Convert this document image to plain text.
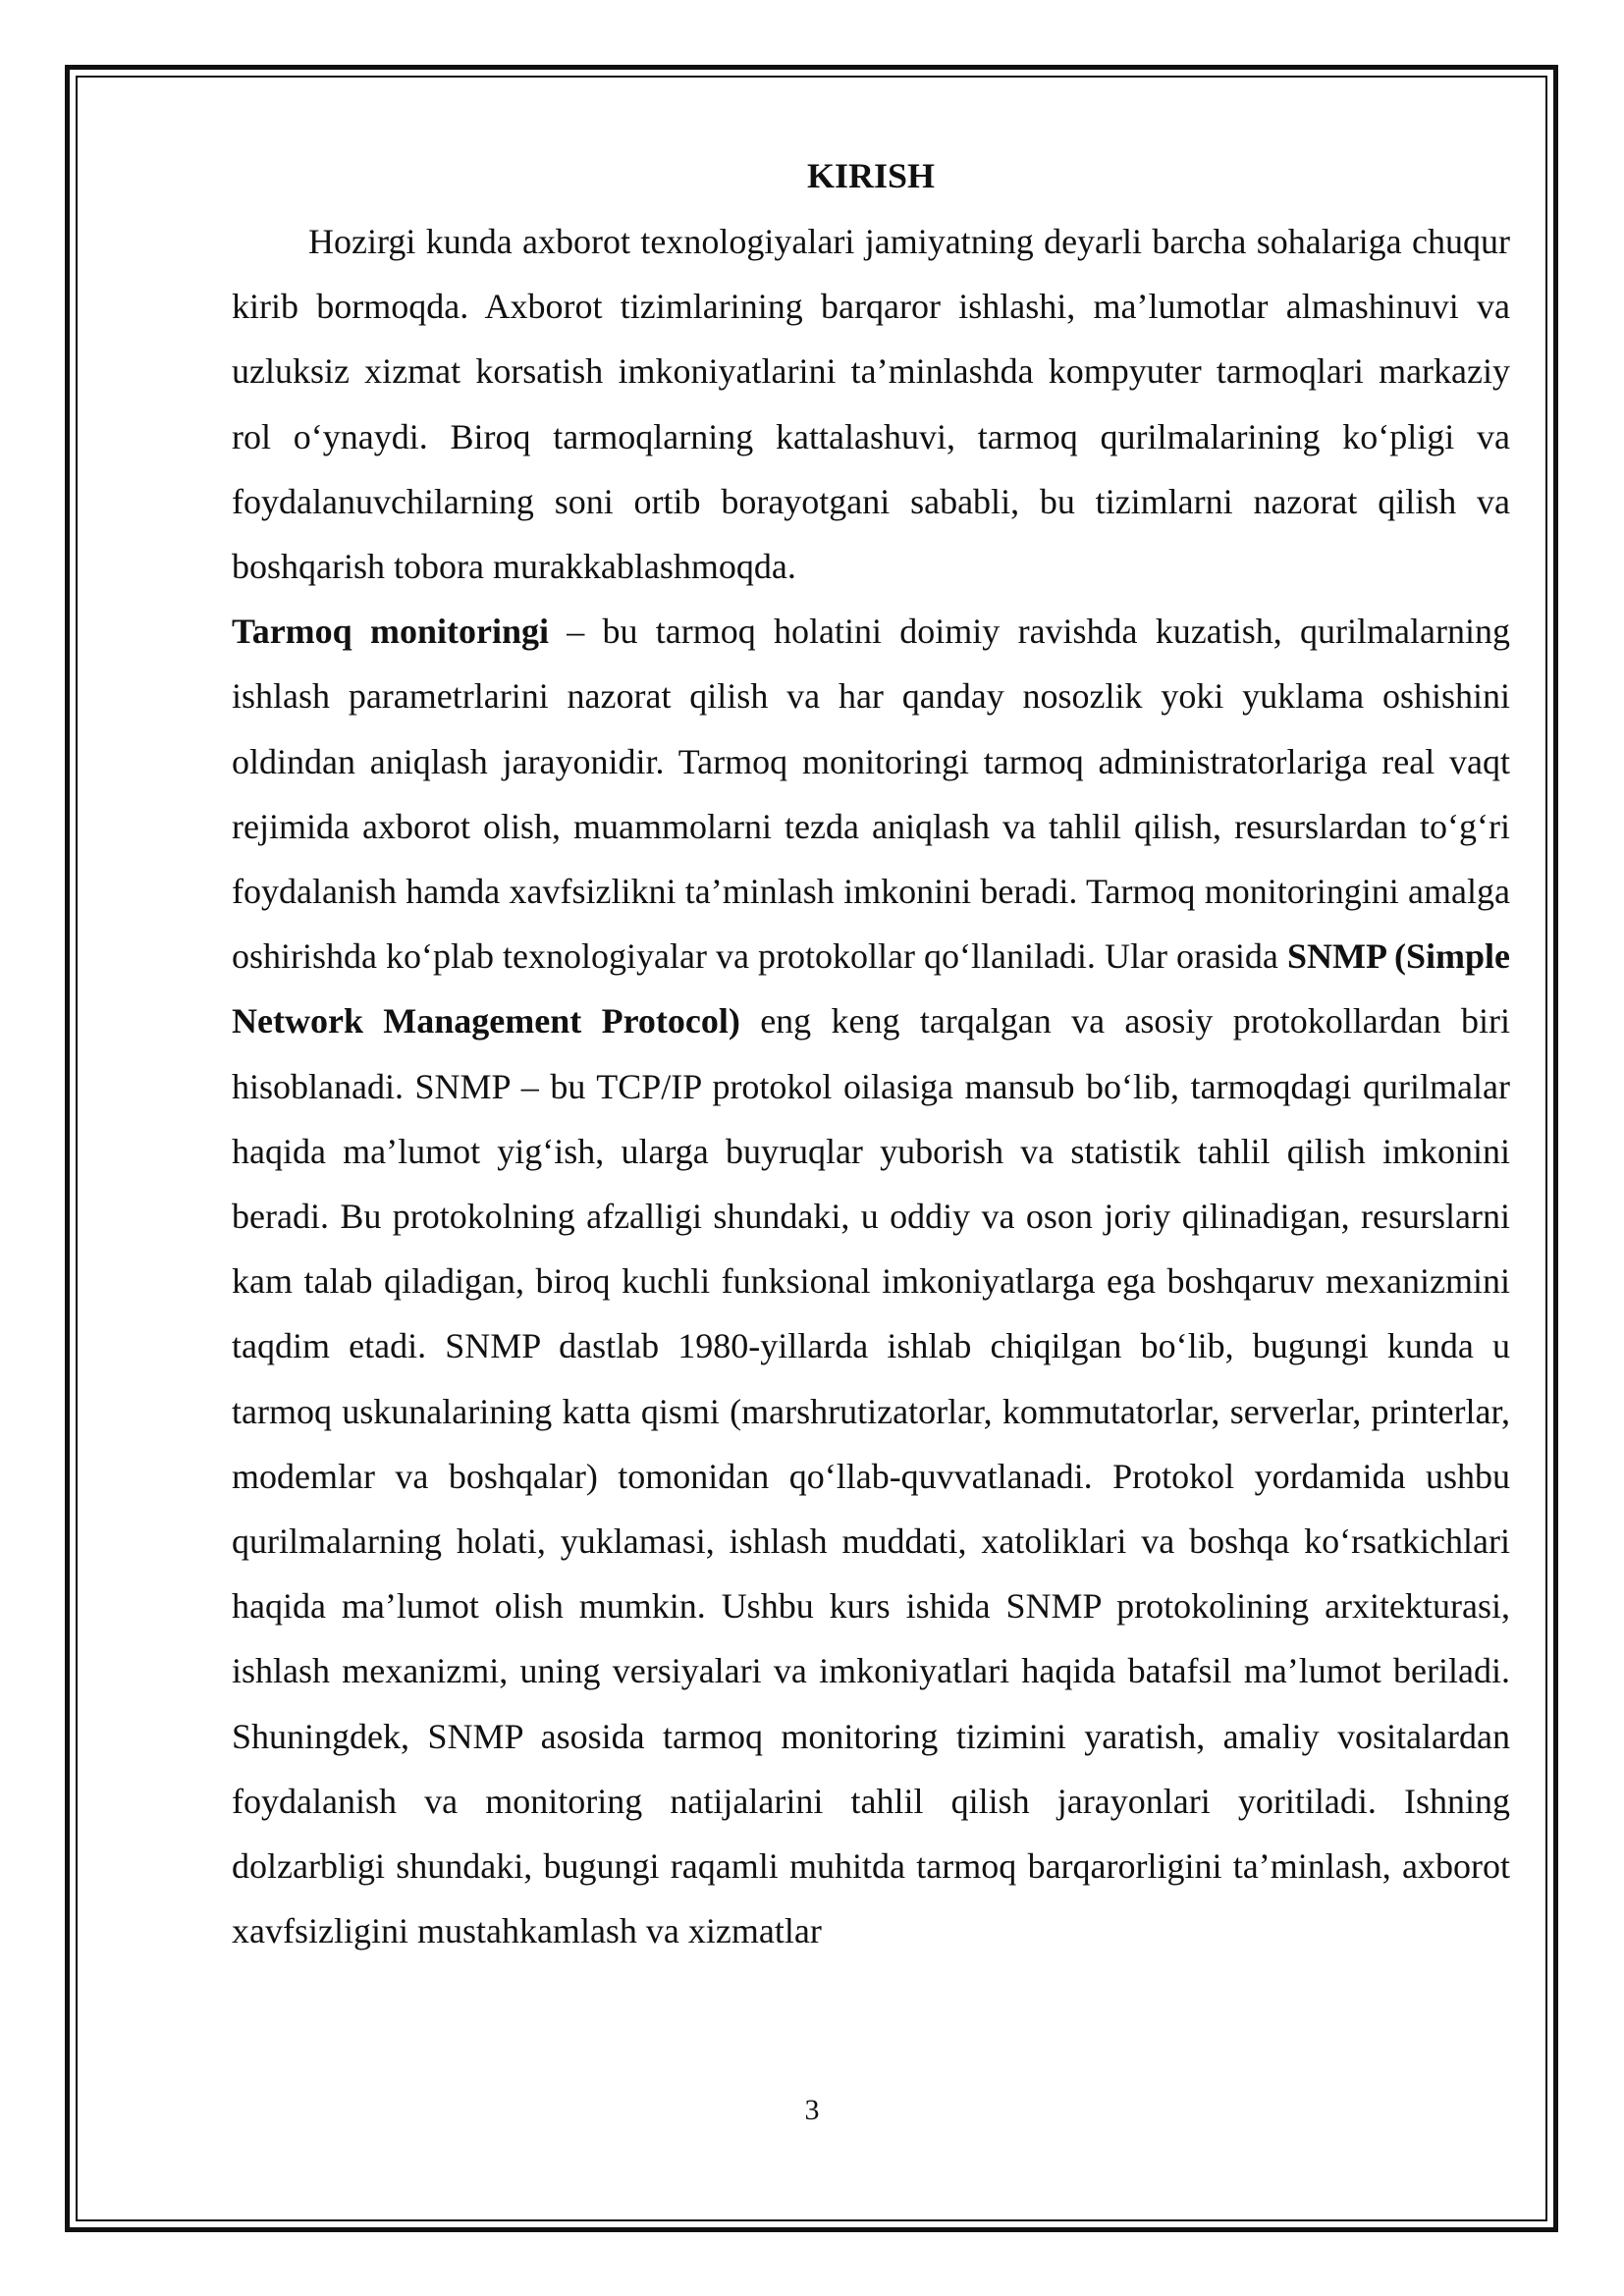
KIRISH

Hozirgi kunda axborot texnologiyalari jamiyatning deyarli barcha sohalariga chuqur kirib bormoqda. Axborot tizimlarining barqaror ishlashi, ma’lumotlar almashinuvi va uzluksiz xizmat korsatish imkoniyatlarini ta’minlashda kompyuter tarmoqlari markaziy rol o‘ynaydi. Biroq tarmoqlarning kattalashuvi, tarmoq qurilmalarining ko‘pligi va foydalanuvchilarning soni ortib borayotgani sababli, bu tizimlarni nazorat qilish va boshqarish tobora murakkablashmoqda.
Tarmoq monitoringi – bu tarmoq holatini doimiy ravishda kuzatish, qurilmalarning ishlash parametrlarini nazorat qilish va har qanday nosozlik yoki yuklama oshishini oldindan aniqlash jarayonidir. Tarmoq monitoringi tarmoq administratorlariga real vaqt rejimida axborot olish, muammolarni tezda aniqlash va tahlil qilish, resurslardan to‘g‘ri foydalanish hamda xavfsizlikni ta’minlash imkonini beradi. Tarmoq monitoringini amalga oshirishda ko‘plab texnologiyalar va protokollar qo‘llaniladi. Ular orasida SNMP (Simple Network Management Protocol) eng keng tarqalgan va asosiy protokollardan biri hisoblanadi. SNMP – bu TCP/IP protokol oilasiga mansub bo‘lib, tarmoqdagi qurilmalar haqida ma’lumot yig‘ish, ularga buyruqlar yuborish va statistik tahlil qilish imkonini beradi. Bu protokolning afzalligi shundaki, u oddiy va oson joriy qilinadigan, resurslarni kam talab qiladigan, biroq kuchli funksional imkoniyatlarga ega boshqaruv mexanizmini taqdim etadi. SNMP dastlab 1980-yillarda ishlab chiqilgan bo‘lib, bugungi kunda u tarmoq uskunalarining katta qismi (marshrutizatorlar, kommutatorlar, serverlar, printerlar, modemlar va boshqalar) tomonidan qo‘llab-quvvatlanadi. Protokol yordamida ushbu qurilmalarning holati, yuklamasi, ishlash muddati, xatoliklari va boshqa ko‘rsatkichlari haqida ma’lumot olish mumkin. Ushbu kurs ishida SNMP protokolining arxitekturasi, ishlash mexanizmi, uning versiyalari va imkoniyatlari haqida batafsil ma’lumot beriladi. Shuningdek, SNMP asosida tarmoq monitoring tizimini yaratish, amaliy vositalardan foydalanish va monitoring natijalarini tahlil qilish jarayonlari yoritiladi. Ishning dolzarbligi shundaki, bugungi raqamli muhitda tarmoq barqarorligini ta’minlash, axborot xavfsizligini mustahkamlash va xizmatlar

3
